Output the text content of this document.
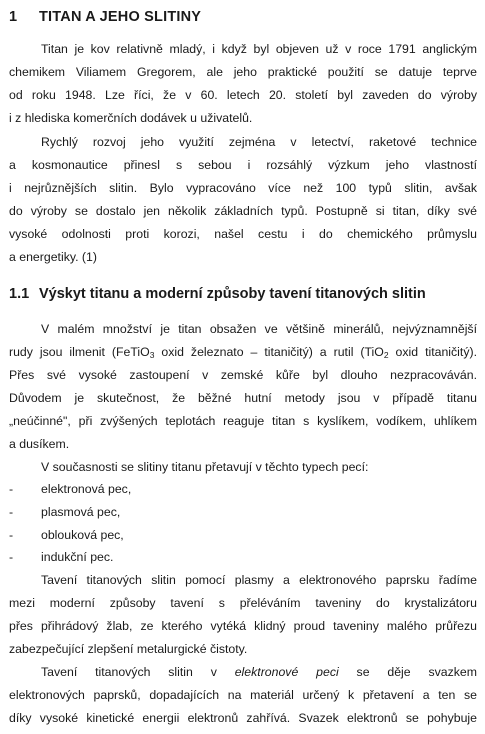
1 TITAN A JEHO SLITINY
Titan je kov relativně mladý, i když byl objeven už v roce 1791 anglickým
chemikem Viliamem Gregorem, ale jeho praktické použití se datuje teprve
od roku 1948. Lze říci, že v 60. letech 20. století byl zaveden do výroby
i z hlediska komerčních dodávek u uživatelů.
Rychlý rozvoj jeho využití zejména v letectví, raketové technice
a kosmonautice přinesl s sebou i rozsáhlý výzkum jeho vlastností
i nejrůznějších slitin. Bylo vypracováno více než 100 typů slitin, avšak
do výroby se dostalo jen několik základních typů. Postupně si titan, díky své
vysoké odolnosti proti korozi, našel cestu i do chemického průmyslu
a energetiky. (1)
1.1 Výskyt titanu a moderní způsoby tavení titanových slitin
V malém množství je titan obsažen ve většině minerálů, nejvýznamnější
rudy jsou ilmenit (FeTiO$_3$ oxid železnato – titaničitý) a rutil (TiO$_2$ oxid titaničitý).
Přes své vysoké zastoupení v zemské kůře byl dlouho nezpracováván.
Důvodem je skutečnost, že běžné hutní metody jsou v případě titanu
„neúčinné", při zvýšených teplotách reaguje titan s kyslíkem, vodíkem, uhlíkem
a dusíkem.
V současnosti se slitiny titanu přetavují v těchto typech pecí:
- elektronová pec,
- plasmová pec,
- oblouková pec,
- indukční pec.
Tavení titanových slitin pomocí plasmy a elektronového paprsku řadíme
mezi moderní způsoby tavení s přeléváním taveniny do krystalizátoru
přes přihrádový žlab, ze kterého vytéká klidný proud taveniny malého průřezu
zabezpečující zlepšení metalurgické čistoty.
Tavení titanových slitin v elektronové peci se děje svazkem
elektronových paprsků, dopadajících na materiál určený k přetavení a ten se
díky vysoké kinetické energii elektronů zahřívá. Svazek elektronů se pohybuje
